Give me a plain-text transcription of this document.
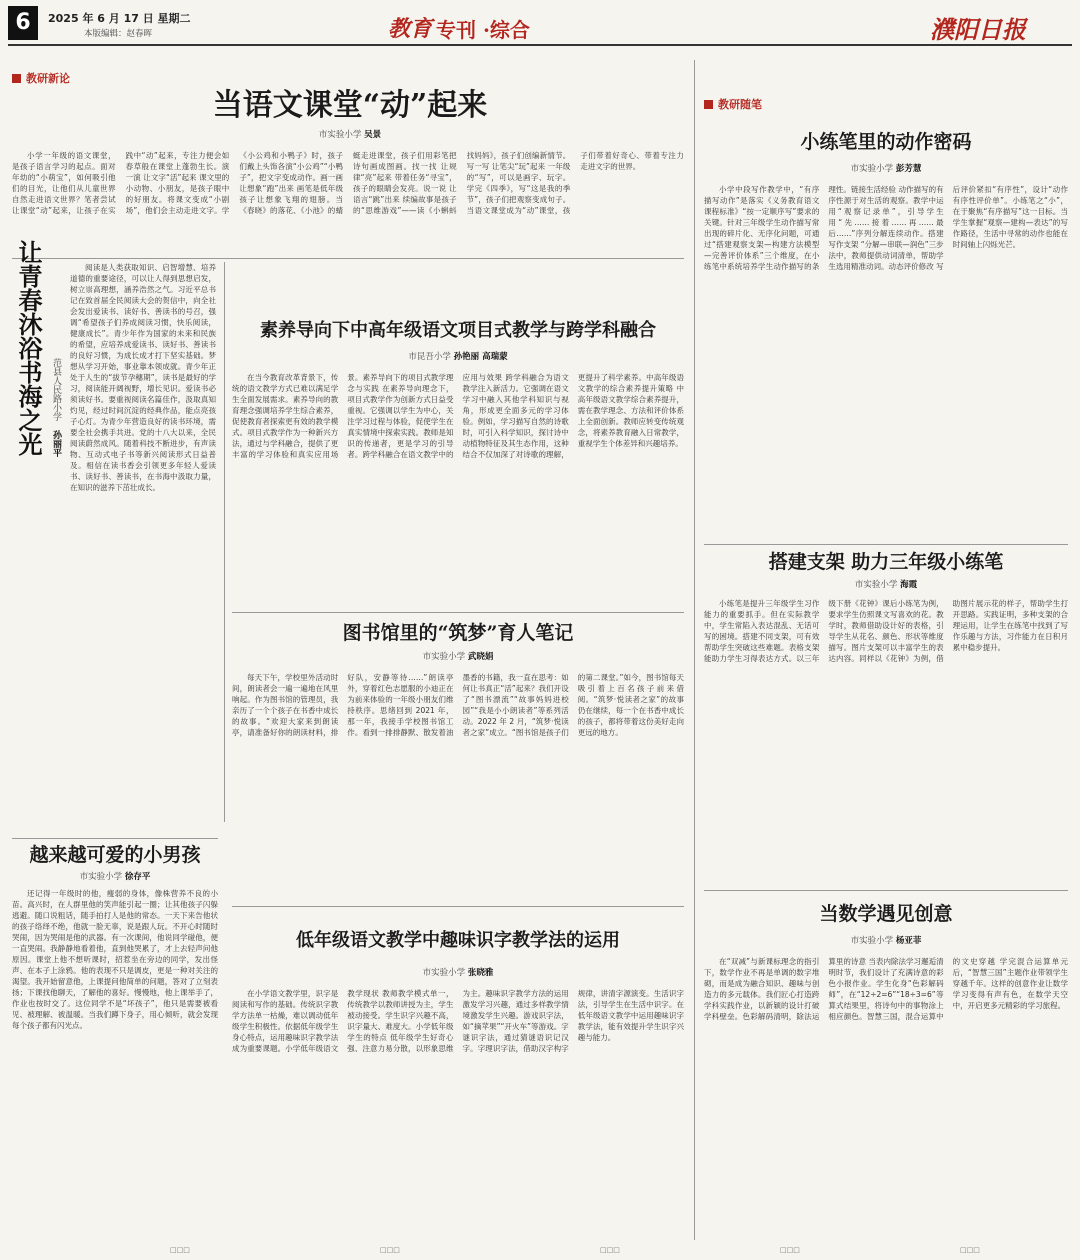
6	2025 年 6 月 17 日 星期二
本版编辑：赵春晖	教育 专刊 ·综合	濮阳日报
教研新论
当语文课堂“动”起来
市实验小学 吴景

小学一年级的语文课堂，是孩子语言学习的起点。面对年幼的“小萌宝”，如何吸引他们的目光，让他们从儿童世界自然走进语文世界？笔者尝试让课堂“动”起来，让孩子在实践中“动”起来，专注力便会如春草般在课堂上蓬勃生长。演一演 让文字“活”起来 课文里的小动物、小朋友，是孩子眼中的好朋友。将课文变成“小剧场”，他们会主动走进文字。学《小公鸡和小鸭子》时，孩子们戴上头饰各演“小公鸡”“小鸭子”，把文字变成动作。画一画 让想象“跑”出来 画笔是低年级孩子让想象飞翔的翅膀。当《春晓》的落花、《小池》的蜻蜓走进课堂，孩子们用彩笔把诗句画成图画。找一找 让规律“亮”起来 带着任务“寻宝”，孩子的眼睛会发亮。说一说 让语言“跳”出来 续编故事是孩子的“思维游戏”——读《小蝌蚪找妈妈》，孩子们创编新情节。写一写 让笔尖“玩”起来 一年级的“写”，可以是画字、玩字。学完《四季》，写“这是我的季节”，孩子们把观察变成句子。当语文课堂成为“动”课堂，孩子们带着好奇心、带着专注力走进文字的世界。

让青春沐浴书海之光 范县人民路小学 孙丽平

阅读是人类获取知识、启智增慧、培养道德的重要途径，可以让人得到思想启发，树立崇高理想，涵养浩然之气。习近平总书记在致首届全民阅读大会的贺信中，向全社会发出爱读书、读好书、善读书的号召，强调“希望孩子们养成阅读习惯，快乐阅读，健康成长”。青少年作为国家的未来和民族的希望，应培养成爱读书、读好书、善读书的良好习惯，为成长成才打下坚实基础。梦想从学习开始，事业靠本领成就。青少年正处于人生的“拔节孕穗期”，读书是最好的学习，阅读能开阔视野，增长见识。爱读书必须读好书。要重视阅读名篇佳作，汲取真知灼见，经过时间沉淀的经典作品，能点亮孩子心灯。为青少年营造良好的读书环境，需要全社会携手共进。党的十八大以来，全民阅读蔚然成风。随着科技不断进步，有声读物、互动式电子书等新兴阅读形式日益普及。相信在读书香会引领更多年轻人爱读书、读好书、善读书，在书海中汲取力量，在知识的滋养下茁壮成长。

越来越可爱的小男孩
市实验小学 徐存平

还记得一年级时的他，瘦弱的身体，像株营养不良的小苗。高兴时，在人群里他的笑声能引起一圈；让其他孩子闪躲逃避。随口说粗话，随手拍打人是他的常态。一天下来告他状的孩子络绎不绝，他就一脸无辜，说是跟人玩。不开心时随时哭闹，因为哭闹是他的武器。有一次课间，他说同学碰他，便一直哭闹。我静静地看着他，直到他哭累了，才上去轻声问他原因。课堂上他不想听课时，招惹坐在旁边的同学，发出怪声、在本子上涂鸦。他的表现不只是调皮，更是一种对关注的渴望。我开始留意他，上课提问他简单的问题，答对了立刻表扬；下课找他聊天，了解他的喜好。慢慢地，他上课举手了，作业也按时交了。这位同学不是“坏孩子”，他只是需要被看见、被理解、被温暖。当我们蹲下身子，用心倾听，就会发现每个孩子都有闪光点。

素养导向下中高年级语文项目式教学与跨学科融合
市昆吾小学 孙艳丽 高瑞蒙

在当今教育改革背景下，传统的语文教学方式已难以满足学生全面发展需求。素养导向的教育理念强调培养学生综合素养，促使教育者探索更有效的教学模式。项目式教学作为一种新兴方法，通过与学科融合，提供了更丰富的学习体验和真实应用场景。素养导向下的项目式教学理念与实践 在素养导向理念下，项目式教学作为创新方式日益受重视。它强调以学生为中心，关注学习过程与体验，促使学生在真实情境中探索实践。教师是知识的传递者，更是学习的引导者。跨学科融合在语文教学中的应用与效果 跨学科融合为语文教学注入新活力。它强调在语文学习中融入其他学科知识与视角，形成更全面多元的学习体验。例如，学习描写自然的诗歌时，可引入科学知识，探讨诗中动植物特征及其生态作用，这种结合不仅加深了对诗歌的理解，更提升了科学素养。中高年级语文教学的综合素养提升策略 中高年级语文教学综合素养提升，需在教学理念、方法和评价体系上全面创新。教师应转变传统观念，将素养教育融入日常教学，重视学生个体差异和兴趣培养。

图书馆里的“筑梦”育人笔记
市实验小学 武晓娟

每天下午，学校里外活动时间，朗读者会一遍一遍地在风里响起。作为图书馆的管理员，我亲历了一个个孩子在书香中成长的故事。“欢迎大家来到朗读亭，请准备好你的朗读材料，排好队，安静等待……”朗读亭外，穿着红色志愿服的小迪正在为前来体验的一年级小朋友们维持秩序。思绪回到 2021 年，那一年，我接手学校图书馆工作。看到一排排静默、散发着油墨香的书籍，我一直在思考：如何让书真正“活”起来？我们开设了“图书漂流”“故事妈妈进校园”“我是小小朗读者”等系列活动。2022 年 2 月，“筑梦·悦读者之家”成立。“图书馆是孩子们的第二课堂。”如今，图书馆每天吸引着上百名孩子前来借阅。“筑梦·悦读者之家”的故事仍在继续，每一个在书香中成长的孩子，都将带着这份美好走向更远的地方。

低年级语文教学中趣味识字教学法的运用
市实验小学 张晓雅

在小学语文教学里，识字是阅读和写作的基础。传统识字教学方法单一枯燥，难以调动低年级学生积极性。依据低年级学生身心特点，运用趣味识字教学法成为重要课题。小学低年级语文教学现状 教师教学模式单一，传统教学以教师讲授为主，学生被动接受。学生识字兴趣不高，识字量大、难度大。小学低年级学生的特点 低年级学生好奇心强、注意力易分散，以形象思维为主。趣味识字教学方法的运用 激发学习兴趣，通过多样教学情境激发学生兴趣。游戏识字法，如“摘苹果”“开火车”等游戏。字谜识字法，通过猜谜语识记汉字。字理识字法，借助汉字构字规律，讲清字源演变。生活识字法，引导学生在生活中识字。在低年级语文教学中运用趣味识字教学法，能有效提升学生识字兴趣与能力。

教研随笔
小练笔里的动作密码
市实验小学 彭芳慧

小学中段写作教学中，“有序描写动作”是落实《义务教育语文课程标准》“按一定顺序写”要求的关键。针对三年级学生动作描写常出现的碎片化、无序化问题，可通过“搭建观察支架—构建方法模型—完善评价体系”三个维度，在小练笔中系统培养学生动作描写的条理性。链接生活经验 动作描写的有序性源于对生活的观察。教学中运用“观察记录单”，引导学生用“先……接着……再……最后……”序列分解连续动作。搭建写作支架 “分解—串联—润色”三步法中，教师提供动词清单，帮助学生选用精准动词。动态评价修改 写后评价紧扣“有序性”，设计“动作有序性评价单”。小练笔之“小”，在于聚焦“有序描写”这一目标。当学生掌握“观察—建构—表达”的写作路径，生活中寻常的动作也能在时间轴上闪烁光芒。

搭建支架 助力三年级小练笔
市实验小学 海霞

小练笔是提升三年级学生习作能力的重要抓手。但在实际教学中，学生常陷入表达混乱、无话可写的困境。搭建不同支架，可有效帮助学生突破这些难题。表格支架能助力学生习得表达方式。以三年级下册《花钟》课后小练笔为例，要求学生仿照课文写喜欢的花。教学时，教师借助设计好的表格，引导学生从花名、颜色、形状等维度描写。图片支架可以丰富学生的表达内容。同样以《花钟》为例，借助图片展示花的样子，帮助学生打开思路。实践证明，多种支架的合理运用，让学生在练笔中找到了写作乐趣与方法，习作能力在日积月累中稳步提升。

当数学遇见创意
市实验小学 杨亚菲

在“双减”与新课标理念的指引下，数学作业不再是单调的数字堆砌，而是成为融合知识、趣味与创造力的多元载体。我们匠心打造跨学科实践作业，以新颖的设计打破学科壁垒。色彩解码清明，除法运算里的诗意 当表内除法学习邂逅清明时节，我们设计了充满诗意的彩色小报作业。学生化身“色彩解码师”，在“12÷2=6”“18÷3=6”等算式结果里，将诗句中的事物涂上相应颜色。智慧三国，混合运算中的文史穿越 学完混合运算单元后，“智慧三国”主题作业带领学生穿越千年。这样的创意作业让数学学习变得有声有色，在数学天空中，开启更多元精彩的学习旅程。

□□□	□□□	□□□	□□□	□□□
